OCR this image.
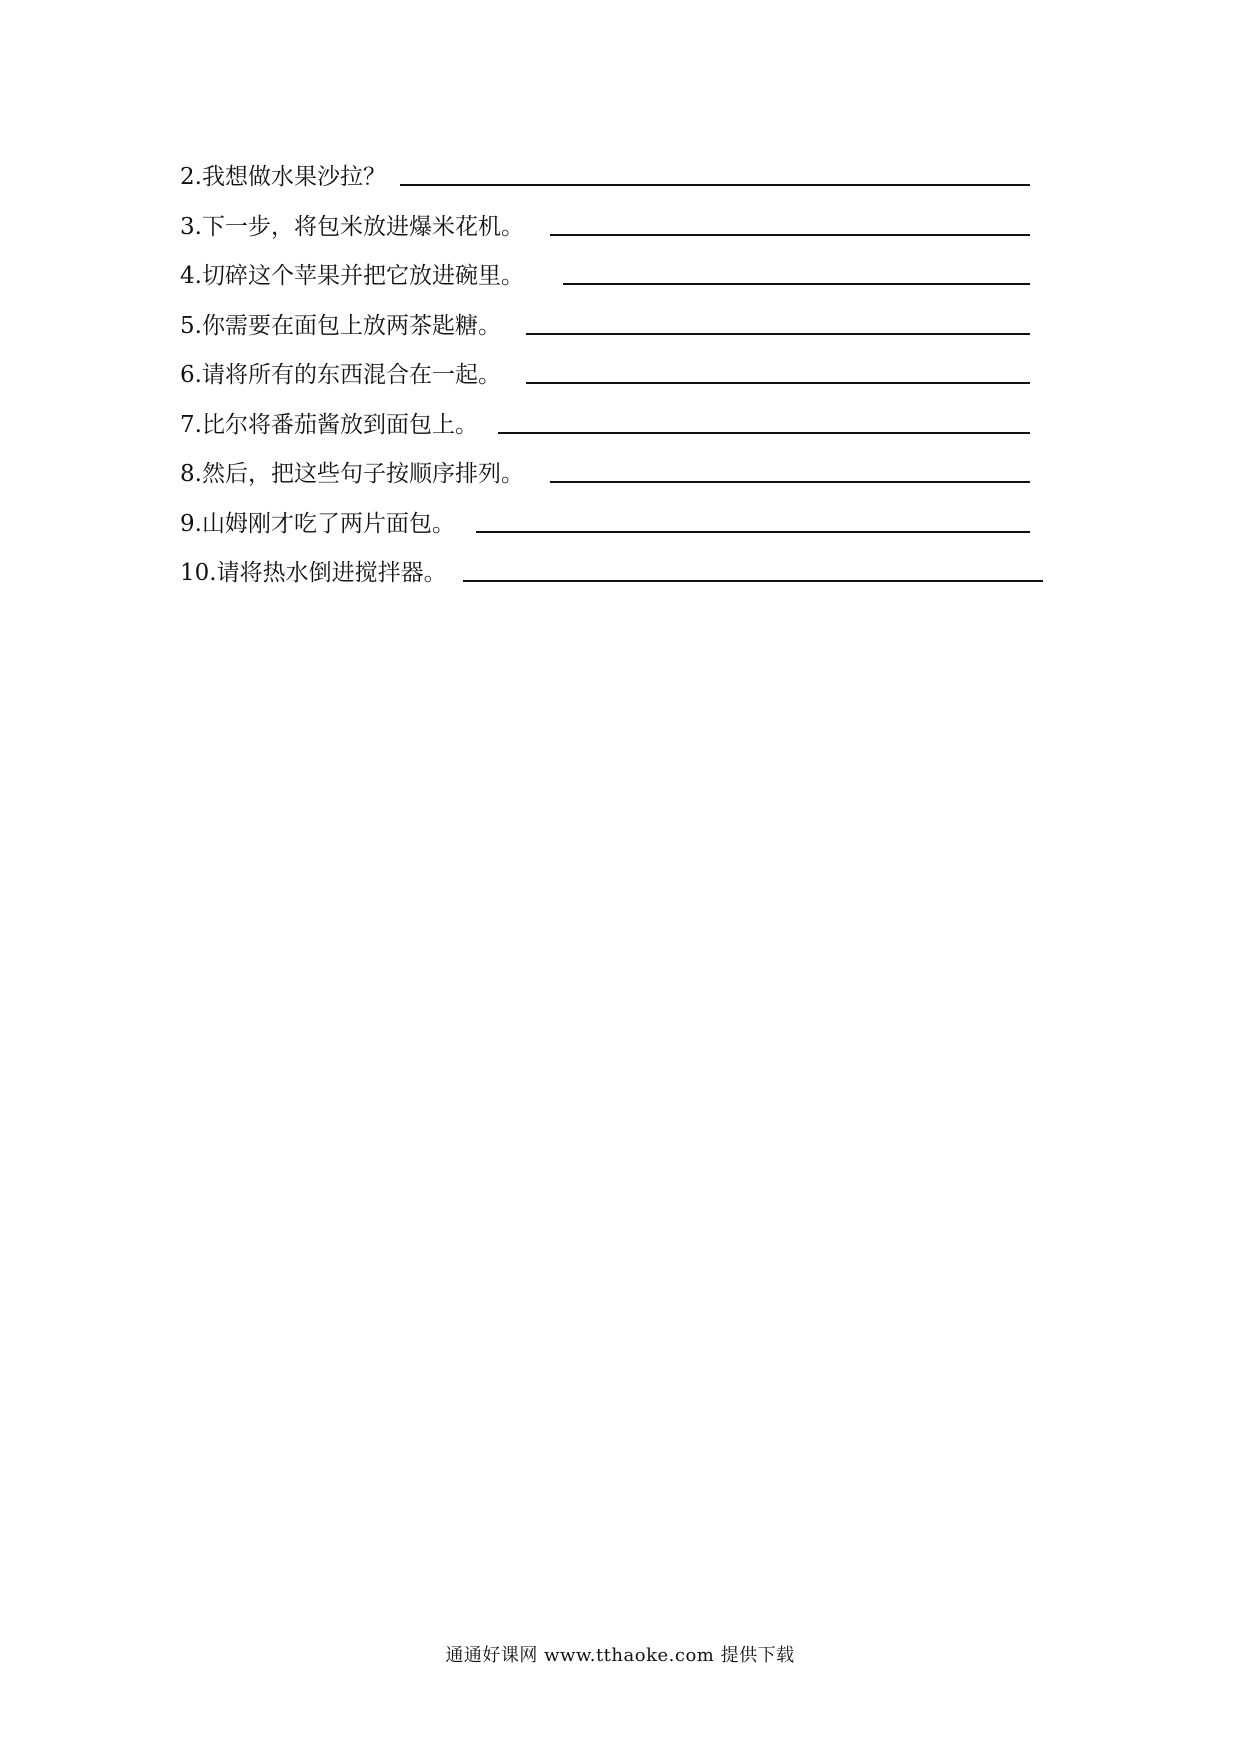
2.我想做水果沙拉？
3.下一步，将包米放进爆米花机。
4.切碎这个苹果并把它放进碗里。
5.你需要在面包上放两茶匙糖。
6.请将所有的东西混合在一起。
7.比尔将番茄酱放到面包上。
8.然后，把这些句子按顺序排列。
9.山姆刚才吃了两片面包。
10.请将热水倒进搅拌器。
通通好课网 www.tthaoke.com 提供下载
